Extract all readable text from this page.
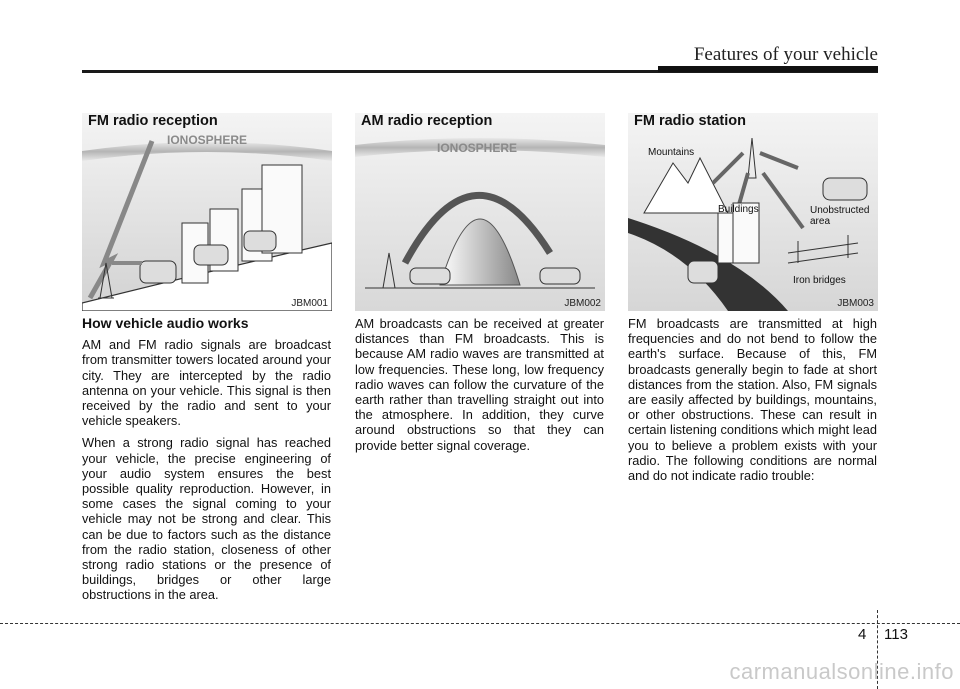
Features of your vehicle
FM radio reception
IONOSPHERE
JBM001
AM radio reception
IONOSPHERE
JBM002
FM radio station
Mountains
Buildings	Unobstructed
area
Iron bridges
JBM003
How vehicle audio works

AM and FM radio signals are broadcast from transmitter towers located around your city. They are intercepted by the radio antenna on your vehicle. This signal is then received by the radio and sent to your vehicle speakers.

When a strong radio signal has reached your vehicle, the precise engineering of your audio system ensures the best possible quality reproduction. However, in some cases the signal coming to your vehicle may not be strong and clear. This can be due to factors such as the distance from the radio station, closeness of other strong radio stations or the presence of buildings, bridges or other large obstructions in the area.

AM broadcasts can be received at greater distances than FM broadcasts. This is because AM radio waves are transmitted at low frequencies. These long, low frequency radio waves can follow the curvature of the earth rather than travelling straight out into the atmosphere. In addition, they curve around obstructions so that they can provide better signal coverage.

FM broadcasts are transmitted at high frequencies and do not bend to follow the earth's surface. Because of this, FM broadcasts generally begin to fade at short distances from the station. Also, FM signals are easily affected by buildings, mountains, or other obstructions. These can result in certain listening conditions which might lead you to believe a problem exists with your radio. The following conditions are normal and do not indicate radio trouble:

4 113
carmanualsonline.info
